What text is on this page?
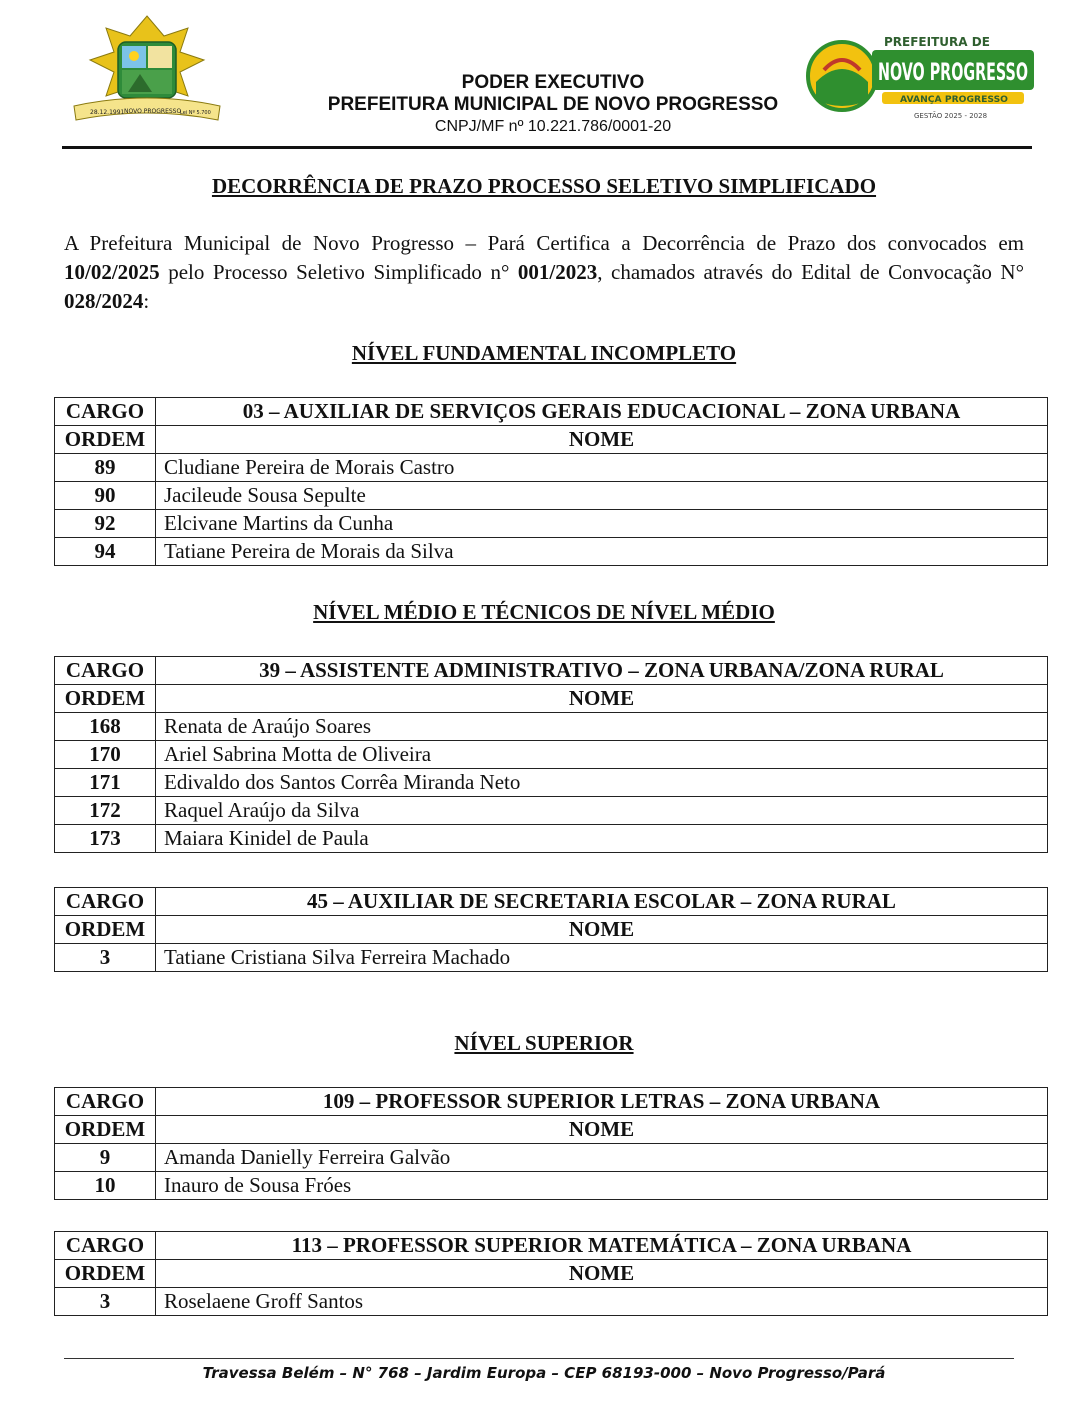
28.12.1991 NOVO PROGRESSO
Lei Nº 5.700
PODER EXECUTIVO
PREFEITURA MUNICIPAL DE NOVO PROGRESSO
CNPJ/MF nº 10.221.786/0001-20
PREFEITURA DE
NOVO PROGRESSO
AVANÇA PROGRESSO
GESTÃO 2025 - 2028
DECORRÊNCIA DE PRAZO PROCESSO SELETIVO SIMPLIFICADO
A Prefeitura Municipal de Novo Progresso – Pará Certifica a Decorrência de Prazo dos convocados em 10/02/2025 pelo Processo Seletivo Simplificado n° 001/2023, chamados através do Edital de Convocação N° 028/2024:
NÍVEL FUNDAMENTAL INCOMPLETO
CARGO	03 – AUXILIAR DE SERVIÇOS GERAIS EDUCACIONAL – ZONA URBANA
ORDEM	NOME
89	Cludiane Pereira de Morais Castro
90	Jacileude Sousa Sepulte
92	Elcivane Martins da Cunha
94	Tatiane Pereira de Morais da Silva
NÍVEL MÉDIO E TÉCNICOS DE NÍVEL MÉDIO
CARGO	39 – ASSISTENTE ADMINISTRATIVO – ZONA URBANA/ZONA RURAL
ORDEM	NOME
168	Renata de Araújo Soares
170	Ariel Sabrina Motta de Oliveira
171	Edivaldo dos Santos Corrêa Miranda Neto
172	Raquel Araújo da Silva
173	Maiara Kinidel de Paula
CARGO	45 – AUXILIAR DE SECRETARIA ESCOLAR – ZONA RURAL
ORDEM	NOME
3	Tatiane Cristiana Silva Ferreira Machado
NÍVEL SUPERIOR
CARGO	109 – PROFESSOR SUPERIOR LETRAS – ZONA URBANA
ORDEM	NOME
9	Amanda Danielly Ferreira Galvão
10	Inauro de Sousa Fróes
CARGO	113 – PROFESSOR SUPERIOR MATEMÁTICA – ZONA URBANA
ORDEM	NOME
3	Roselaene Groff Santos
Travessa Belém – N° 768 – Jardim Europa – CEP 68193-000 – Novo Progresso/Pará
